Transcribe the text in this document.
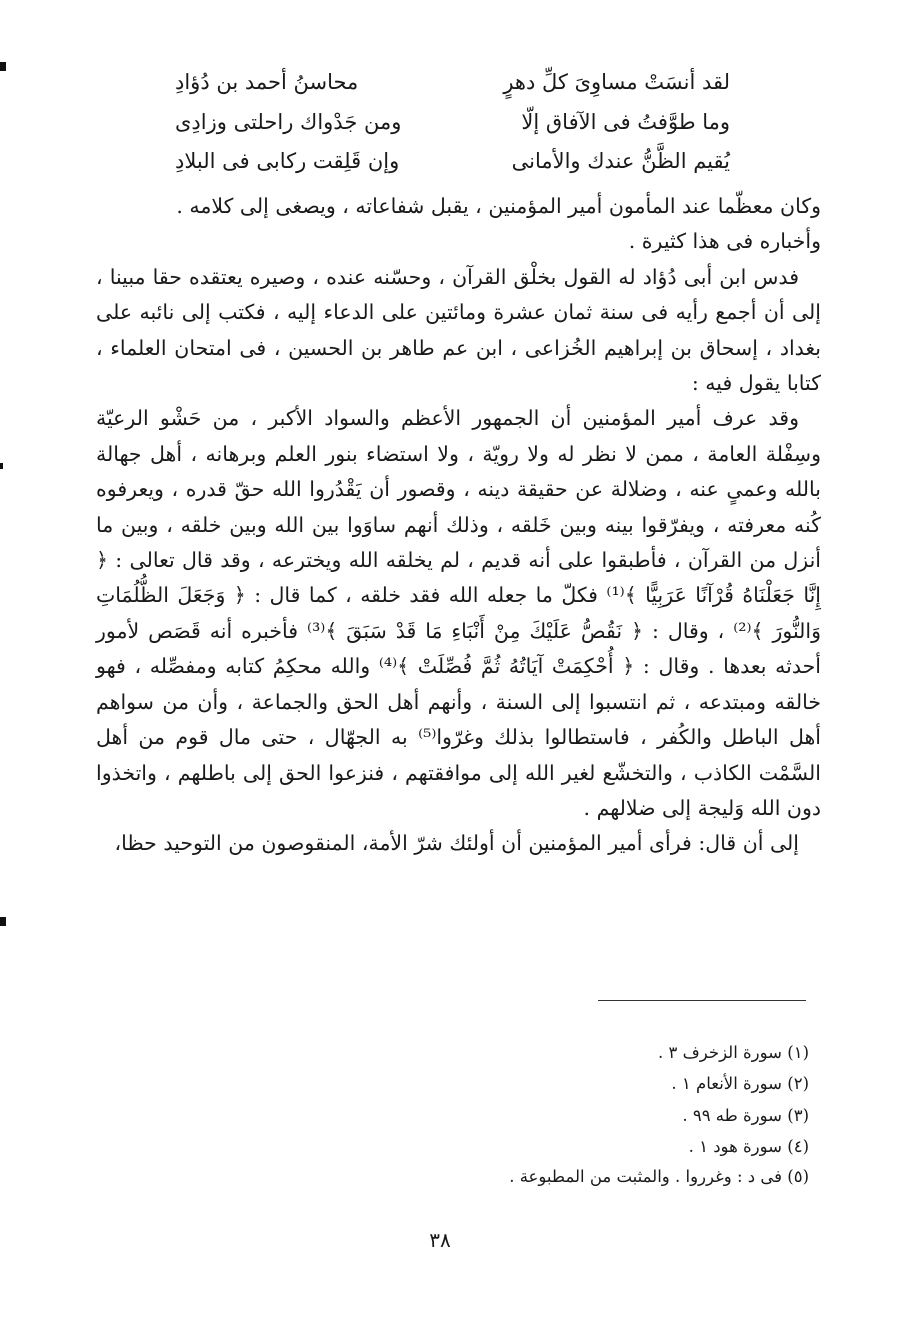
لقد أنسَتْ مساوِىَ كلِّ دهرٍ
محاسنُ أحمد بن دُؤادِ
وما طوَّفتُ فى الآفاق إلّا
ومن جَدْواك راحلتى وزادِى
يُقيم الظَّنُّ عندك والأمانى
وإن قَلِقت ركابى فى البلادِ

وكان معظّما عند المأمون أمير المؤمنين ، يقبل شفاعاته ، ويصغى إلى كلامه .

وأخباره فى هذا كثيرة .

فدس ابن أبى دُؤاد له القول بخلْق القرآن ، وحسّنه عنده ، وصيره يعتقده حقا مبينا ، إلى أن أجمع رأيه فى سنة ثمان عشرة ومائتين على الدعاء إليه ، فكتب إلى نائبه على بغداد ، إسحاق بن إبراهيم الخُزاعى ، ابن عم طاهر بن الحسين ، فى امتحان العلماء ، كتابا يقول فيه :

وقد عرف أمير المؤمنين أن الجمهور الأعظم والسواد الأكبر ، من حَشْو الرعيّة وسِفْلة العامة ، ممن لا نظر له ولا رويّة ، ولا استضاء بنور العلم وبرهانه ، أهل جهالة بالله وعمىٍ عنه ، وضلالة عن حقيقة دينه ، وقصور أن يَقْدُروا الله حقّ قدره ، ويعرفوه كُنه معرفته ، ويفرّقوا بينه وبين خَلقه ، وذلك أنهم ساوَوا بين الله وبين خلقه ، وبين ما أنزل من القرآن ، فأطبقوا على أنه قديم ، لم يخلقه الله ويخترعه ، وقد قال تعالى : ﴿ إِنَّا جَعَلْنَاهُ قُرْآنًا عَرَبِيًّا ﴾⁽¹⁾ فكلّ ما جعله الله فقد خلقه ، كما قال : ﴿ وَجَعَلَ الظُّلُمَاتِ وَالنُّورَ ﴾⁽²⁾ ، وقال : ﴿ نَقُصُّ عَلَيْكَ مِنْ أَنْبَاءِ مَا قَدْ سَبَقَ ﴾⁽³⁾ فأخبره أنه قَصَص لأمور أحدثه بعدها . وقال : ﴿ أُحْكِمَتْ آيَاتُهُ ثُمَّ فُصِّلَتْ ﴾⁽⁴⁾ والله محكِمُ كتابه ومفصِّله ، فهو خالقه ومبتدعه ، ثم انتسبوا إلى السنة ، وأنهم أهل الحق والجماعة ، وأن من سواهم أهل الباطل والكُفر ، فاستطالوا بذلك وغرّوا⁽⁵⁾ به الجهّال ، حتى مال قوم من أهل السَّمْت الكاذب ، والتخشّع لغير الله إلى موافقتهم ، فنزعوا الحق إلى باطلهم ، واتخذوا دون الله وَليجة إلى ضلالهم .

إلى أن قال: فرأى أمير المؤمنين أن أولئك شرّ الأمة، المنقوصون من التوحيد حظا،

(١) سورة الزخرف ٣ .
(٢) سورة الأنعام ١ .
(٣) سورة طه ٩٩ .
(٤) سورة هود ١ .
(٥) فى د : وغرروا . والمثبت من المطبوعة .
٣٨
